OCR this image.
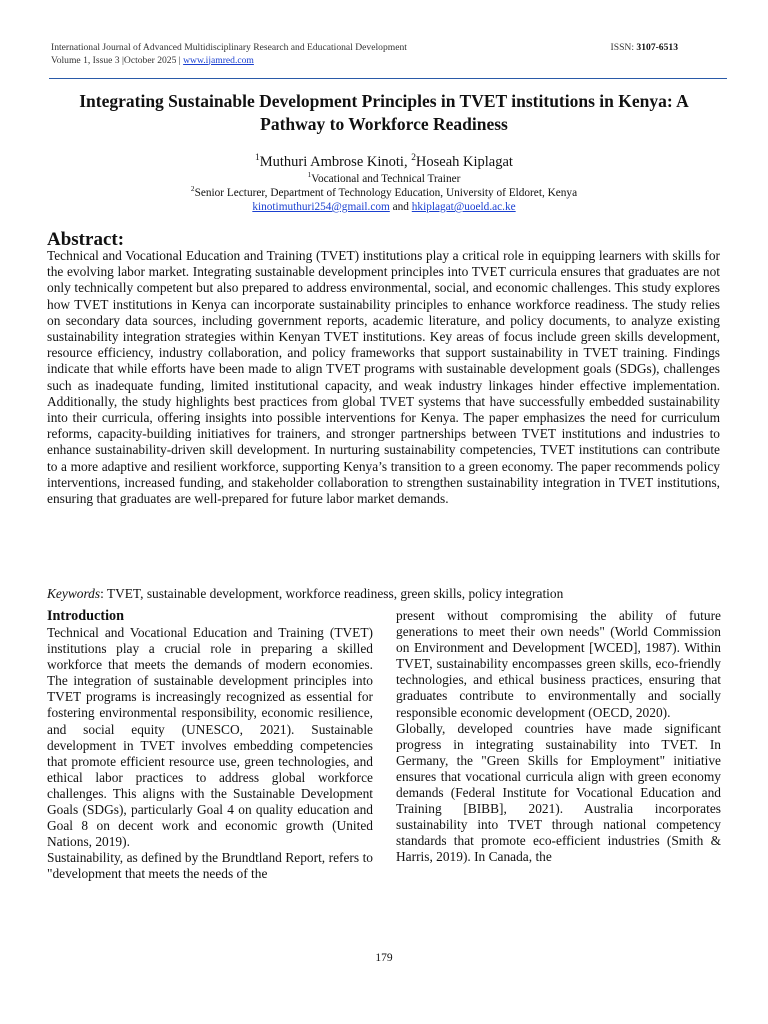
International Journal of Advanced Multidisciplinary Research and Educational Development
Volume 1, Issue 3 |October 2025 | www.ijamred.com
ISSN: 3107-6513
Integrating Sustainable Development Principles in TVET institutions in Kenya: A Pathway to Workforce Readiness
$^1$Muthuri Ambrose Kinoti, $^2$Hoseah Kiplagat
$^1$Vocational and Technical Trainer
$^2$Senior Lecturer, Department of Technology Education, University of Eldoret, Kenya
kinotimuthuri254@gmail.com and hkiplagat@uoeld.ac.ke
Abstract:

Technical and Vocational Education and Training (TVET) institutions play a critical role in equipping learners with skills for the evolving labor market. Integrating sustainable development principles into TVET curricula ensures that graduates are not only technically competent but also prepared to address environmental, social, and economic challenges. This study explores how TVET institutions in Kenya can incorporate sustainability principles to enhance workforce readiness. The study relies on secondary data sources, including government reports, academic literature, and policy documents, to analyze existing sustainability integration strategies within Kenyan TVET institutions. Key areas of focus include green skills development, resource efficiency, industry collaboration, and policy frameworks that support sustainability in TVET training. Findings indicate that while efforts have been made to align TVET programs with sustainable development goals (SDGs), challenges such as inadequate funding, limited institutional capacity, and weak industry linkages hinder effective implementation. Additionally, the study highlights best practices from global TVET systems that have successfully embedded sustainability into their curricula, offering insights into possible interventions for Kenya. The paper emphasizes the need for curriculum reforms, capacity-building initiatives for trainers, and stronger partnerships between TVET institutions and industries to enhance sustainability-driven skill development. In nurturing sustainability competencies, TVET institutions can contribute to a more adaptive and resilient workforce, supporting Kenya’s transition to a green economy. The paper recommends policy interventions, increased funding, and stakeholder collaboration to strengthen sustainability integration in TVET institutions, ensuring that graduates are well-prepared for future labor market demands.

Keywords: TVET, sustainable development, workforce readiness, green skills, policy integration

Introduction

Technical and Vocational Education and Training (TVET) institutions play a crucial role in preparing a skilled workforce that meets the demands of modern economies. The integration of sustainable development principles into TVET programs is increasingly recognized as essential for fostering environmental responsibility, economic resilience, and social equity (UNESCO, 2021). Sustainable development in TVET involves embedding competencies that promote efficient resource use, green technologies, and ethical labor practices to address global workforce challenges. This aligns with the Sustainable Development Goals (SDGs), particularly Goal 4 on quality education and Goal 8 on decent work and economic growth (United Nations, 2019).

Sustainability, as defined by the Brundtland Report, refers to "development that meets the needs of the

present without compromising the ability of future generations to meet their own needs" (World Commission on Environment and Development [WCED], 1987). Within TVET, sustainability encompasses green skills, eco-friendly technologies, and ethical business practices, ensuring that graduates contribute to environmentally and socially responsible economic development (OECD, 2020).

Globally, developed countries have made significant progress in integrating sustainability into TVET. In Germany, the "Green Skills for Employment" initiative ensures that vocational curricula align with green economy demands (Federal Institute for Vocational Education and Training [BIBB], 2021). Australia incorporates sustainability into TVET through national competency standards that promote eco-efficient industries (Smith & Harris, 2019). In Canada, the

179
